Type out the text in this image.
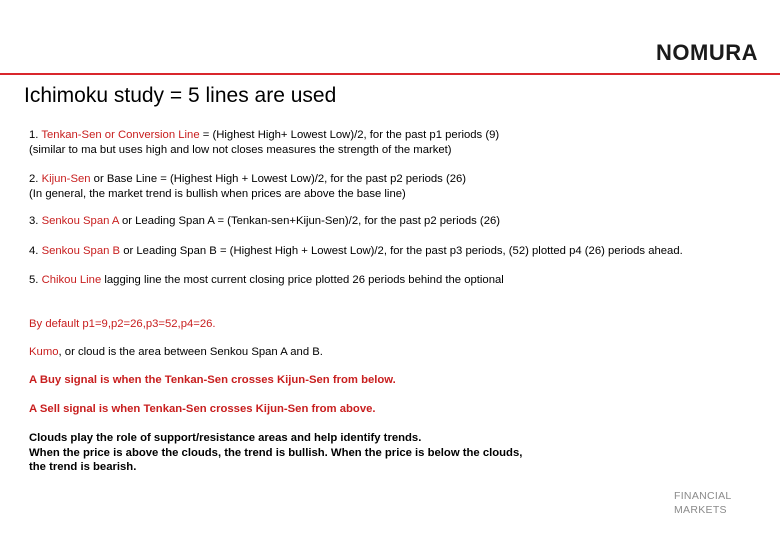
NOMURA
Ichimoku study = 5 lines are used
1. Tenkan-Sen or Conversion Line = (Highest High+ Lowest Low)/2, for the past p1 periods (9)
(similar to ma but uses high and low not closes measures the strength of the market)
2. Kijun-Sen or Base Line = (Highest High + Lowest Low)/2, for the past p2 periods (26)
(In general, the market trend is bullish when prices are above the base line)
3. Senkou Span A or Leading Span A = (Tenkan-sen+Kijun-Sen)/2, for the past p2 periods (26)
4. Senkou Span B or Leading Span B = (Highest High + Lowest Low)/2, for the past p3 periods, (52) plotted p4 (26) periods ahead.
5. Chikou Line lagging line the most current closing price plotted 26 periods behind the optional
By default p1=9,p2=26,p3=52,p4=26.
Kumo, or cloud is the area between Senkou Span A and B.
A Buy signal is when the Tenkan-Sen crosses Kijun-Sen from below.
A Sell signal is when Tenkan-Sen crosses Kijun-Sen from above.
Clouds play the role of support/resistance areas and help identify trends.
When the price is above the clouds, the trend is bullish. When the price is below the clouds,
the trend is bearish.
FINANCIAL
MARKETS
